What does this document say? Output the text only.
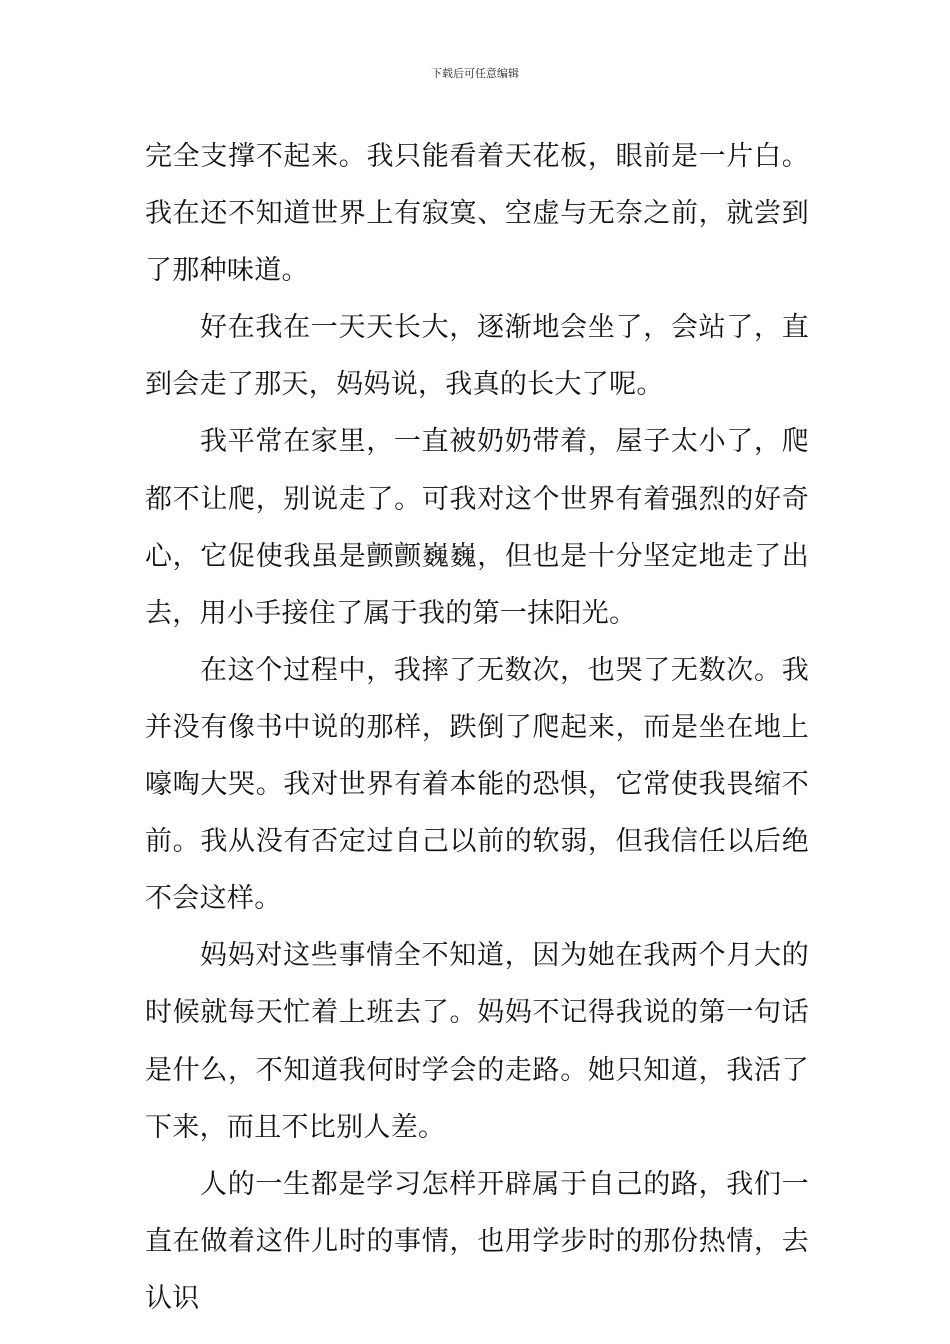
下载后可任意编辑

完全支撑不起来。我只能看着天花板，眼前是一片白。我在还不知道世界上有寂寞、空虚与无奈之前，就尝到了那种味道。

好在我在一天天长大，逐渐地会坐了，会站了，直到会走了那天，妈妈说，我真的长大了呢。

我平常在家里，一直被奶奶带着，屋子太小了，爬都不让爬，别说走了。可我对这个世界有着强烈的好奇心，它促使我虽是颤颤巍巍，但也是十分坚定地走了出去，用小手接住了属于我的第一抹阳光。

在这个过程中，我摔了无数次，也哭了无数次。我并没有像书中说的那样，跌倒了爬起来，而是坐在地上嚎啕大哭。我对世界有着本能的恐惧，它常使我畏缩不前。我从没有否定过自己以前的软弱，但我信任以后绝不会这样。

妈妈对这些事情全不知道，因为她在我两个月大的时候就每天忙着上班去了。妈妈不记得我说的第一句话是什么，不知道我何时学会的走路。她只知道，我活了下来，而且不比别人差。

人的一生都是学习怎样开辟属于自己的路，我们一直在做着这件儿时的事情，也用学步时的那份热情，去认识
